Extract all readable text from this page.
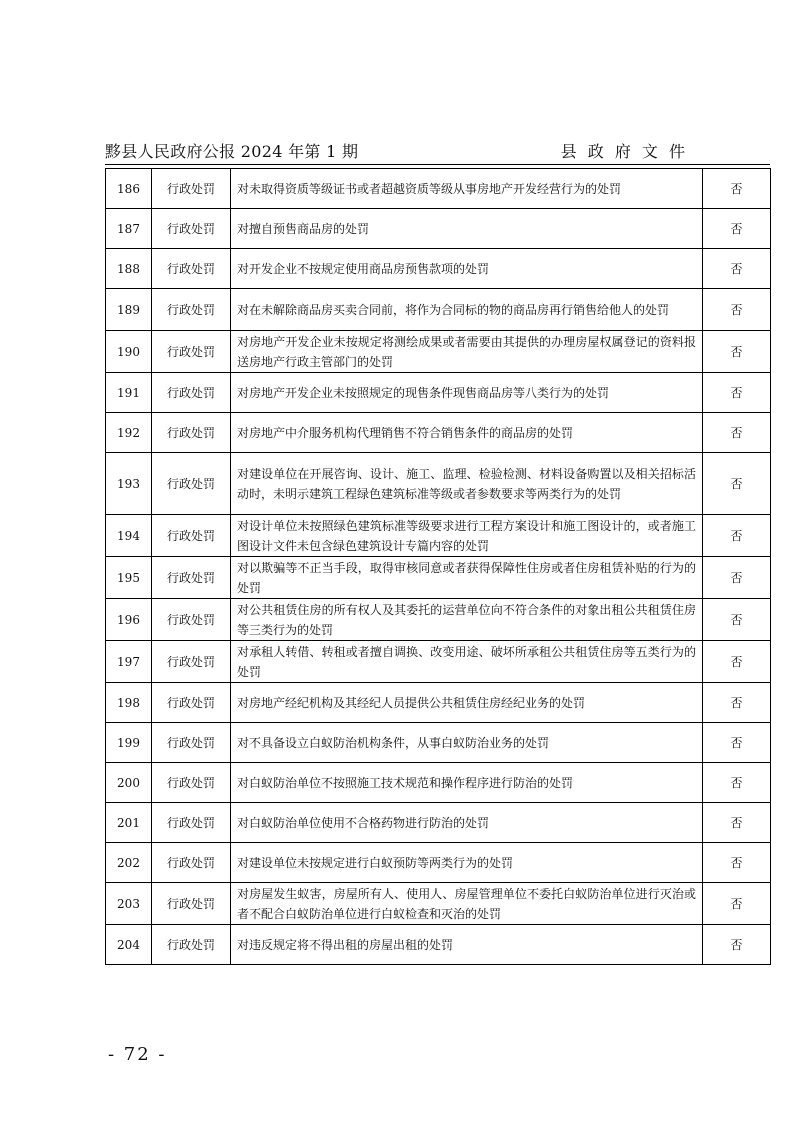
黟县人民政府公报 2024 年第 1 期	县 政 府 文 件
186	行政处罚	对未取得资质等级证书或者超越资质等级从事房地产开发经营行为的处罚	否
187	行政处罚	对擅自预售商品房的处罚	否
188	行政处罚	对开发企业不按规定使用商品房预售款项的处罚	否
189	行政处罚	对在未解除商品房买卖合同前，将作为合同标的物的商品房再行销售给他人的处罚	否
190	行政处罚	对房地产开发企业未按规定将测绘成果或者需要由其提供的办理房屋权属登记的资料报送房地产行政主管部门的处罚	否
191	行政处罚	对房地产开发企业未按照规定的现售条件现售商品房等八类行为的处罚	否
192	行政处罚	对房地产中介服务机构代理销售不符合销售条件的商品房的处罚	否
193	行政处罚	对建设单位在开展咨询、设计、施工、监理、检验检测、材料设备购置以及相关招标活动时，未明示建筑工程绿色建筑标准等级或者参数要求等两类行为的处罚	否
194	行政处罚	对设计单位未按照绿色建筑标准等级要求进行工程方案设计和施工图设计的，或者施工图设计文件未包含绿色建筑设计专篇内容的处罚	否
195	行政处罚	对以欺骗等不正当手段，取得审核同意或者获得保障性住房或者住房租赁补贴的行为的处罚	否
196	行政处罚	对公共租赁住房的所有权人及其委托的运营单位向不符合条件的对象出租公共租赁住房等三类行为的处罚	否
197	行政处罚	对承租人转借、转租或者擅自调换、改变用途、破坏所承租公共租赁住房等五类行为的处罚	否
198	行政处罚	对房地产经纪机构及其经纪人员提供公共租赁住房经纪业务的处罚	否
199	行政处罚	对不具备设立白蚁防治机构条件，从事白蚁防治业务的处罚	否
200	行政处罚	对白蚁防治单位不按照施工技术规范和操作程序进行防治的处罚	否
201	行政处罚	对白蚁防治单位使用不合格药物进行防治的处罚	否
202	行政处罚	对建设单位未按规定进行白蚁预防等两类行为的处罚	否
203	行政处罚	对房屋发生蚁害，房屋所有人、使用人、房屋管理单位不委托白蚁防治单位进行灭治或者不配合白蚁防治单位进行白蚁检查和灭治的处罚	否
204	行政处罚	对违反规定将不得出租的房屋出租的处罚	否
- 72 -
